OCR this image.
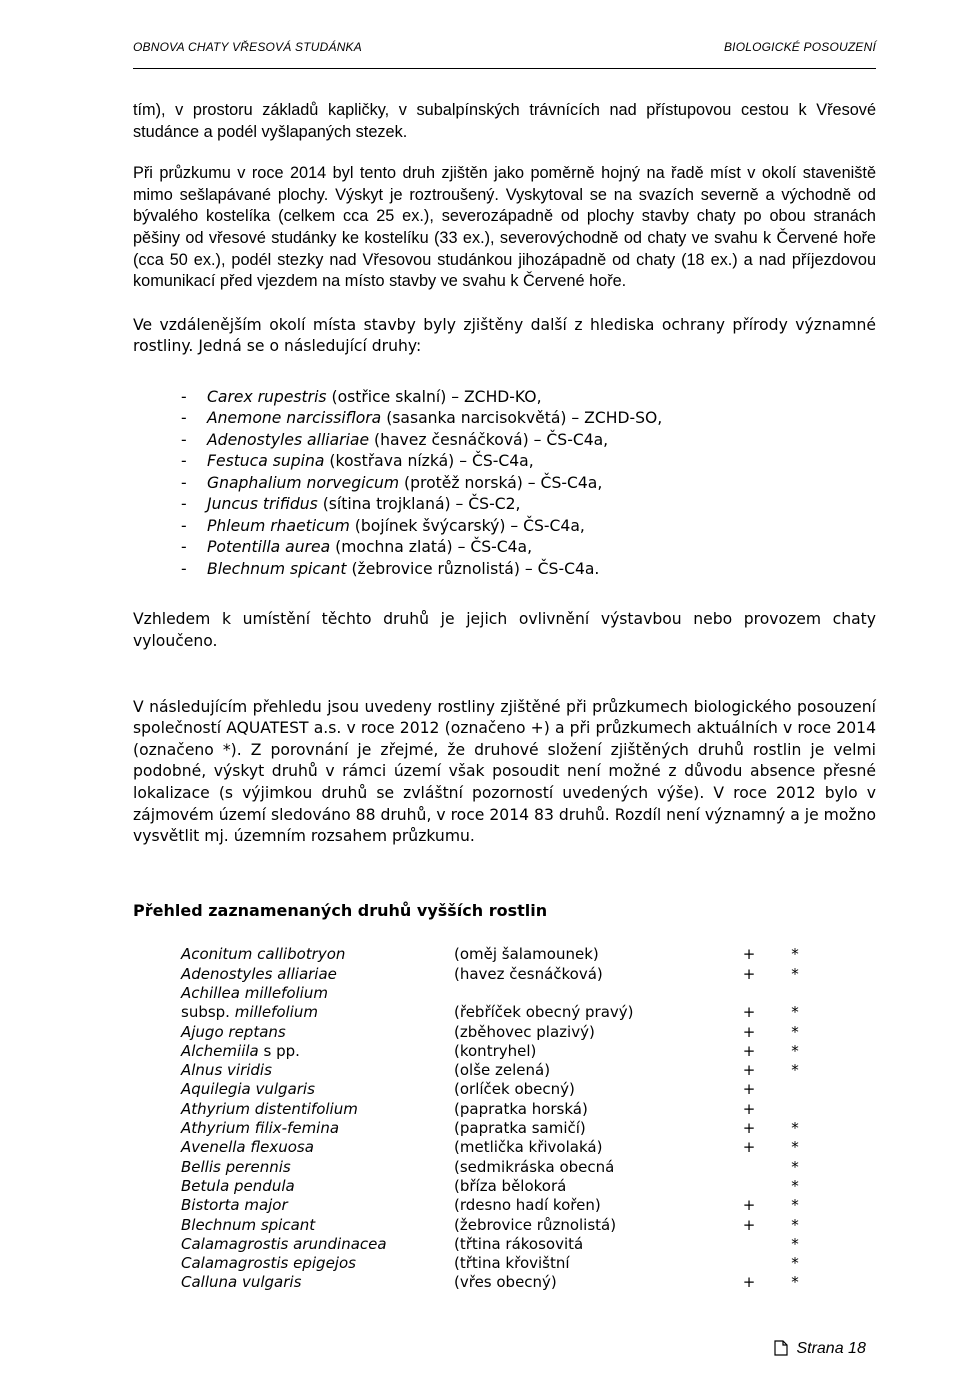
OBNOVA CHATY VŘESOVÁ STUDÁNKA	BIOLOGICKÉ POSOUZENÍ

tím), v prostoru základů kapličky, v subalpínských trávnících nad přístupovou cestou k Vřesové studánce a podél vyšlapaných stezek.

Při průzkumu v roce 2014 byl tento druh zjištěn jako poměrně hojný na řadě míst v okolí staveniště mimo sešlapávané plochy. Výskyt je roztroušený. Vyskytoval se na svazích severně a východně od bývalého kostelíka (celkem cca 25 ex.), severozápadně od plochy stavby chaty po obou stranách pěšiny od vřesové studánky ke kostelíku (33 ex.), severovýchodně od chaty ve svahu k Červené hoře (cca 50 ex.), podél stezky nad Vřesovou studánkou jihozápadně od chaty (18 ex.) a nad příjezdovou komunikací před vjezdem na místo stavby ve svahu k Červené hoře.

Ve vzdálenějším okolí místa stavby byly zjištěny další z hlediska ochrany přírody významné rostliny. Jedná se o následující druhy:

- Carex rupestris (ostřice skalní) – ZCHD-KO,
- Anemone narcissiflora (sasanka narcisokvětá) – ZCHD-SO,
- Adenostyles alliariae (havez česnáčková) – ČS-C4a,
- Festuca supina (kostřava nízká) – ČS-C4a,
- Gnaphalium norvegicum (protěž norská) – ČS-C4a,
- Juncus trifidus (sítina trojklaná) – ČS-C2,
- Phleum rhaeticum (bojínek švýcarský) – ČS-C4a,
- Potentilla aurea (mochna zlatá) – ČS-C4a,
- Blechnum spicant (žebrovice různolistá) – ČS-C4a.

Vzhledem k umístění těchto druhů je jejich ovlivnění výstavbou nebo provozem chaty vyloučeno.

V následujícím přehledu jsou uvedeny rostliny zjištěné při průzkumech biologického posouzení společností AQUATEST a.s. v roce 2012 (označeno +) a při průzkumech aktuálních v roce 2014 (označeno *). Z porovnání je zřejmé, že druhové složení zjištěných druhů rostlin je velmi podobné, výskyt druhů v rámci území však posoudit není možné z důvodu absence přesné lokalizace (s výjimkou druhů se zvláštní pozorností uvedených výše). V roce 2012 bylo v zájmovém území sledováno 88 druhů, v roce 2014 83 druhů. Rozdíl není významný a je možno vysvětlit mj. územním rozsahem průzkumu.

Přehled zaznamenaných druhů vyšších rostlin
Aconitum callibotryon	(oměj šalamounek)	+	*
Adenostyles alliariae	(havez česnáčková)	+	*
Achillea millefolium			
subsp. millefolium	(řebříček obecný pravý)	+	*
Ajugo reptans	(zběhovec plazivý)	+	*
Alchemiila s pp.	(kontryhel)	+	*
Alnus viridis	(olše zelená)	+	*
Aquilegia vulgaris	(orlíček obecný)	+	
Athyrium distentifolium	(papratka horská)	+	
Athyrium filix-femina	(papratka samičí)	+	*
Avenella flexuosa	(metlička křivolaká)	+	*
Bellis perennis	(sedmikráska obecná		*
Betula pendula	(bříza bělokorá		*
Bistorta major	(rdesno hadí kořen)	+	*
Blechnum spicant	(žebrovice různolistá)	+	*
Calamagrostis arundinacea	(třtina rákosovitá		*
Calamagrostis epigejos	(třtina křovištní		*
Calluna vulgaris	(vřes obecný)	+	*
Strana 18
